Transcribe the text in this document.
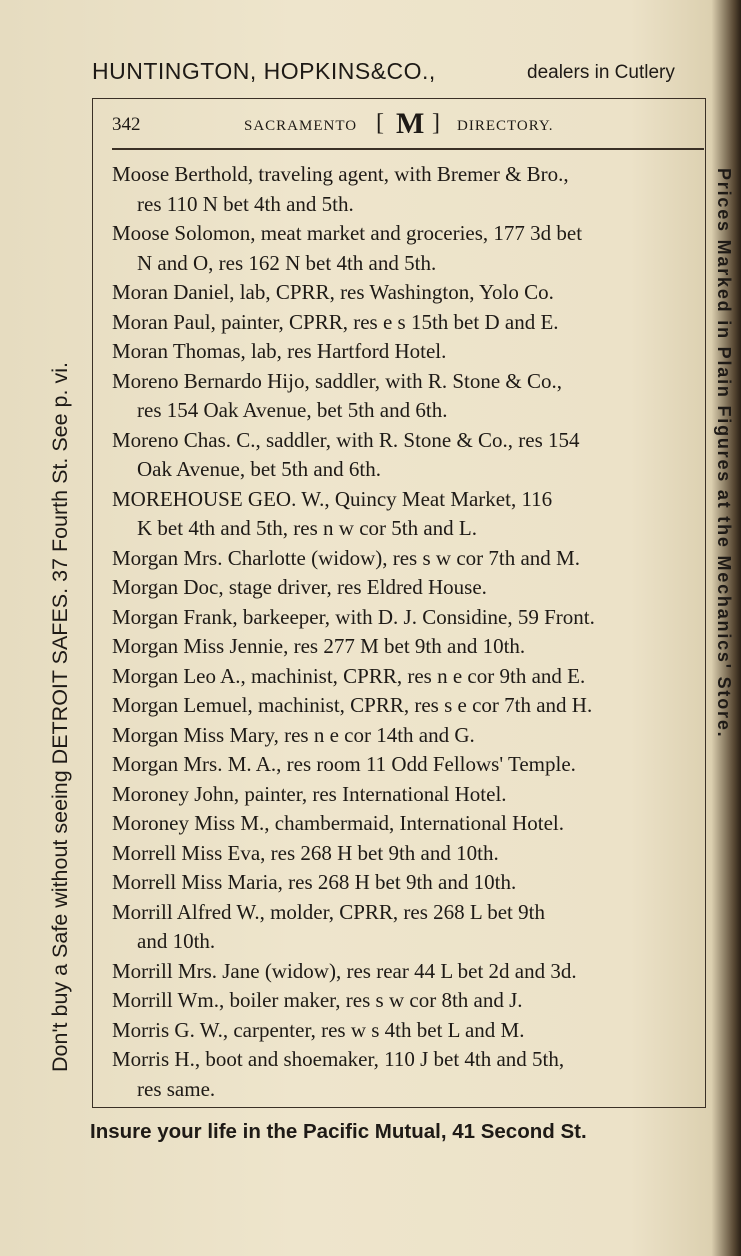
HUNTINGTON, HOPKINS&CO.,	dealers in Cutlery
Don't buy a Safe without seeing DETROIT SAFES. 37 Fourth St. See p. vi.	Prices Marked in Plain Figures at the Mechanics' Store.
342	SACRAMENTO [ M ] DIRECTORY.
Moose Berthold, traveling agent, with Bremer & Bro.,
res 110 N bet 4th and 5th.
Moose Solomon, meat market and groceries, 177 3d bet
N and O, res 162 N bet 4th and 5th.
Moran Daniel, lab, CPRR, res Washington, Yolo Co.
Moran Paul, painter, CPRR, res e s 15th bet D and E.
Moran Thomas, lab, res Hartford Hotel.
Moreno Bernardo Hijo, saddler, with R. Stone & Co.,
res 154 Oak Avenue, bet 5th and 6th.
Moreno Chas. C., saddler, with R. Stone & Co., res 154
Oak Avenue, bet 5th and 6th.
MOREHOUSE GEO. W., Quincy Meat Market, 116
K bet 4th and 5th, res n w cor 5th and L.
Morgan Mrs. Charlotte (widow), res s w cor 7th and M.
Morgan Doc, stage driver, res Eldred House.
Morgan Frank, barkeeper, with D. J. Considine, 59 Front.
Morgan Miss Jennie, res 277 M bet 9th and 10th.
Morgan Leo A., machinist, CPRR, res n e cor 9th and E.
Morgan Lemuel, machinist, CPRR, res s e cor 7th and H.
Morgan Miss Mary, res n e cor 14th and G.
Morgan Mrs. M. A., res room 11 Odd Fellows' Temple.
Moroney John, painter, res International Hotel.
Moroney Miss M., chambermaid, International Hotel.
Morrell Miss Eva, res 268 H bet 9th and 10th.
Morrell Miss Maria, res 268 H bet 9th and 10th.
Morrill Alfred W., molder, CPRR, res 268 L bet 9th
and 10th.
Morrill Mrs. Jane (widow), res rear 44 L bet 2d and 3d.
Morrill Wm., boiler maker, res s w cor 8th and J.
Morris G. W., carpenter, res w s 4th bet L and M.
Morris H., boot and shoemaker, 110 J bet 4th and 5th,
res same.
Insure your life in the Pacific Mutual, 41 Second St.
